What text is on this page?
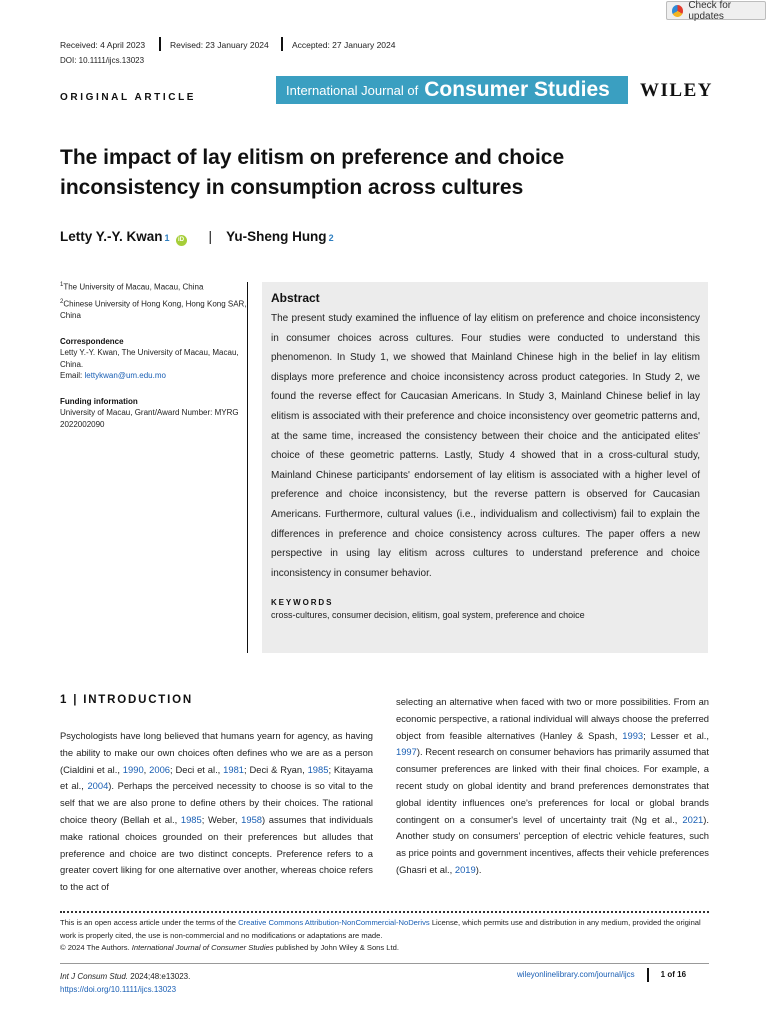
Check for updates
Received: 4 April 2023	Revised: 23 January 2024	Accepted: 27 January 2024
DOI: 10.1111/ijcs.13023
ORIGINAL ARTICLE	International Journal of Consumer Studies WILEY
The impact of lay elitism on preference and choice inconsistency in consumption across cultures
Letty Y.-Y. Kwan 1	iD | Yu-Sheng Hung 2
$^1$The University of Macau, Macau, China
$^2$Chinese University of Hong Kong, Hong Kong SAR, China
Correspondence
Letty Y.-Y. Kwan, The University of Macau, Macau, China.
Email: lettykwan@um.edu.mo
Funding information
University of Macau, Grant/Award Number: MYRG 2022002090
Abstract

The present study examined the influence of lay elitism on preference and choice inconsistency in consumer choices across cultures. Four studies were conducted to understand this phenomenon. In Study 1, we showed that Mainland Chinese high in the belief in lay elitism displays more preference and choice inconsistency across product categories. In Study 2, we found the reverse effect for Caucasian Americans. In Study 3, Mainland Chinese belief in lay elitism is associated with their preference and choice inconsistency over geometric patterns and, at the same time, increased the consistency between their choice and the anticipated elites' choice of these geometric patterns. Lastly, Study 4 showed that in a cross-cultural study, Mainland Chinese participants' endorsement of lay elitism is associated with a higher level of preference and choice inconsistency, but the reverse pattern is observed for Caucasian Americans. Furthermore, cultural values (i.e., individualism and collectivism) fail to explain the differences in preference and choice consistency across cultures. The paper offers a new perspective in using lay elitism across cultures to understand preference and choice inconsistency in consumer behavior.

KEYWORDS
cross-cultures, consumer decision, elitism, goal system, preference and choice
1 | INTRODUCTION

Psychologists have long believed that humans yearn for agency, as having the ability to make our own choices often defines who we are as a person (Cialdini et al., 1990, 2006; Deci et al., 1981; Deci & Ryan, 1985; Kitayama et al., 2004). Perhaps the perceived necessity to choose is so vital to the self that we are also prone to define others by their choices. The rational choice theory (Bellah et al., 1985; Weber, 1958) assumes that individuals make rational choices grounded on their preferences but alludes that preference and choice are two distinct concepts. Preference refers to a greater covert liking for one alternative over another, whereas choice refers to the act of

selecting an alternative when faced with two or more possibilities. From an economic perspective, a rational individual will always choose the preferred object from feasible alternatives (Hanley & Spash, 1993; Lesser et al., 1997). Recent research on consumer behaviors has primarily assumed that consumer preferences are linked with their final choices. For example, a recent study on global identity and brand preferences demonstrates that global identity influences one's preferences for local or global brands contingent on a consumer's level of uncertainty trait (Ng et al., 2021). Another study on consumers' perception of electric vehicle features, such as price points and government incentives, affects their vehicle preferences (Ghasri et al., 2019).

This is an open access article under the terms of the Creative Commons Attribution-NonCommercial-NoDerivs License, which permits use and distribution in any medium, provided the original work is properly cited, the use is non-commercial and no modifications or adaptations are made.
© 2024 The Authors. International Journal of Consumer Studies published by John Wiley & Sons Ltd.
Int J Consum Stud. 2024;48:e13023.
https://doi.org/10.1111/ijcs.13023
wileyonlinelibrary.com/journal/ijcs	1 of 16
